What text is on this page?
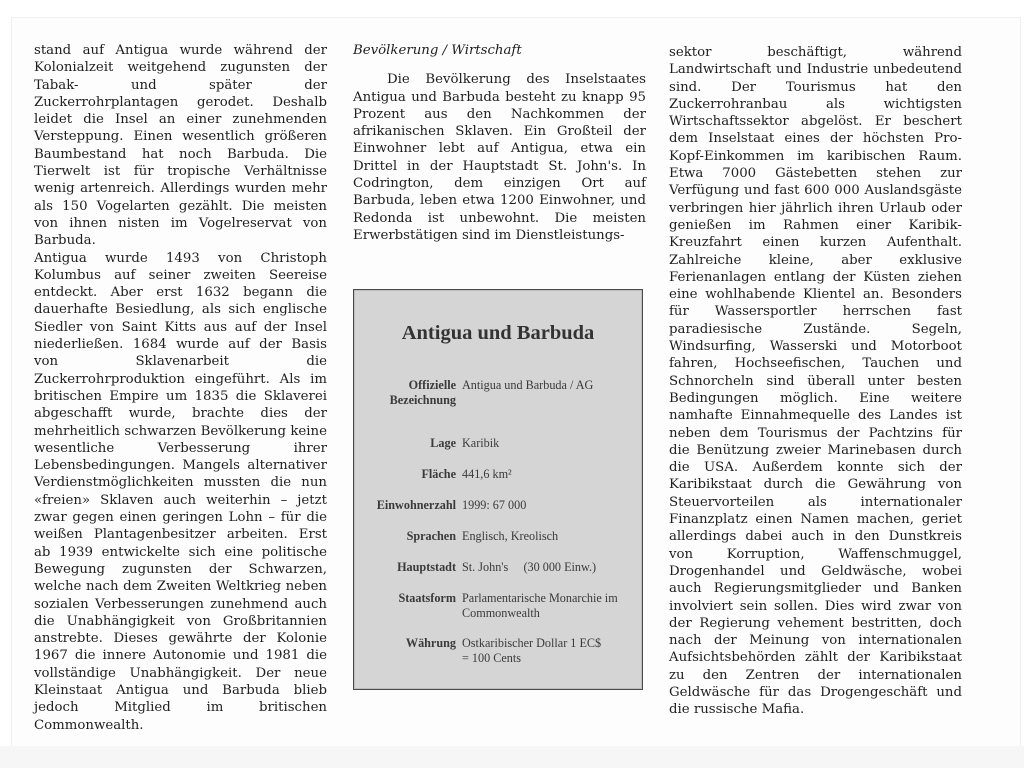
stand auf Antigua wurde während der Kolonialzeit weitgehend zugunsten der Tabak- und später der Zuckerrohrplantagen gerodet. Deshalb leidet die Insel an einer zunehmenden Versteppung. Einen wesentlich größeren Baumbestand hat noch Barbuda. Die Tierwelt ist für tropische Verhältnisse wenig artenreich. Allerdings wurden mehr als 150 Vogelarten gezählt. Die meisten von ihnen nisten im Vogelreservat von Barbuda.

Antigua wurde 1493 von Christoph Kolumbus auf seiner zweiten Seereise entdeckt. Aber erst 1632 begann die dauerhafte Besiedlung, als sich englische Siedler von Saint Kitts aus auf der Insel niederließen. 1684 wurde auf der Basis von Sklavenarbeit die Zuckerrohrproduktion eingeführt. Als im britischen Empire um 1835 die Sklaverei abgeschafft wurde, brachte dies der mehrheitlich schwarzen Bevölkerung keine wesentliche Verbesserung ihrer Lebensbedingungen. Mangels alternativer Verdienstmöglichkeiten mussten die nun «freien» Sklaven auch weiterhin – jetzt zwar gegen einen geringen Lohn – für die weißen Plantagenbesitzer arbeiten. Erst ab 1939 entwickelte sich eine politische Bewegung zugunsten der Schwarzen, welche nach dem Zweiten Weltkrieg neben sozialen Verbesserungen zunehmend auch die Unabhängigkeit von Großbritannien anstrebte. Dieses gewährte der Kolonie 1967 die innere Autonomie und 1981 die vollständige Unabhängigkeit. Der neue Kleinstaat Antigua und Barbuda blieb jedoch Mitglied im britischen Commonwealth.

Bevölkerung / Wirtschaft

Die Bevölkerung des Inselstaates Antigua und Barbuda besteht zu knapp 95 Prozent aus den Nachkommen der afrikanischen Sklaven. Ein Großteil der Einwohner lebt auf Antigua, etwa ein Drittel in der Hauptstadt St. John's. In Codrington, dem einzigen Ort auf Barbuda, leben etwa 1200 Einwohner, und Redonda ist unbewohnt. Die meisten Erwerbstätigen sind im Dienstleistungs-

Antigua und Barbuda
Offizielle Bezeichnung
Antigua und Barbuda / AG
Lage Karibik
Fläche 441,6 km²
Einwohnerzahl 1999: 67 000
Sprachen Englisch, Kreolisch
Hauptstadt St. John's     (30 000 Einw.)
Staatsform Parlamentarische Monarchie im Commonwealth
Währung Ostkaribischer Dollar 1 EC$ = 100 Cents

sektor beschäftigt, während Landwirtschaft und Industrie unbedeutend sind. Der Tourismus hat den Zuckerrohranbau als wichtigsten Wirtschaftssektor abgelöst. Er beschert dem Inselstaat eines der höchsten Pro-Kopf-Einkommen im karibischen Raum. Etwa 7000 Gästebetten stehen zur Verfügung und fast 600 000 Auslandsgäste verbringen hier jährlich ihren Urlaub oder genießen im Rahmen einer Karibik-Kreuzfahrt einen kurzen Aufenthalt. Zahlreiche kleine, aber exklusive Ferienanlagen entlang der Küsten ziehen eine wohlhabende Klientel an. Besonders für Wassersportler herrschen fast paradiesische Zustände. Segeln, Windsurfing, Wasserski und Motorboot fahren, Hochseefischen, Tauchen und Schnorcheln sind überall unter besten Bedingungen möglich. Eine weitere namhafte Einnahmequelle des Landes ist neben dem Tourismus der Pachtzins für die Benützung zweier Marinebasen durch die USA. Außerdem konnte sich der Karibikstaat durch die Gewährung von Steuervorteilen als internationaler Finanzplatz einen Namen machen, geriet allerdings dabei auch in den Dunstkreis von Korruption, Waffenschmuggel, Drogenhandel und Geldwäsche, wobei auch Regierungsmitglieder und Banken involviert sein sollen. Dies wird zwar von der Regierung vehement bestritten, doch nach der Meinung von internationalen Aufsichtsbehörden zählt der Karibikstaat zu den Zentren der internationalen Geldwäsche für das Drogengeschäft und die russische Mafia.
